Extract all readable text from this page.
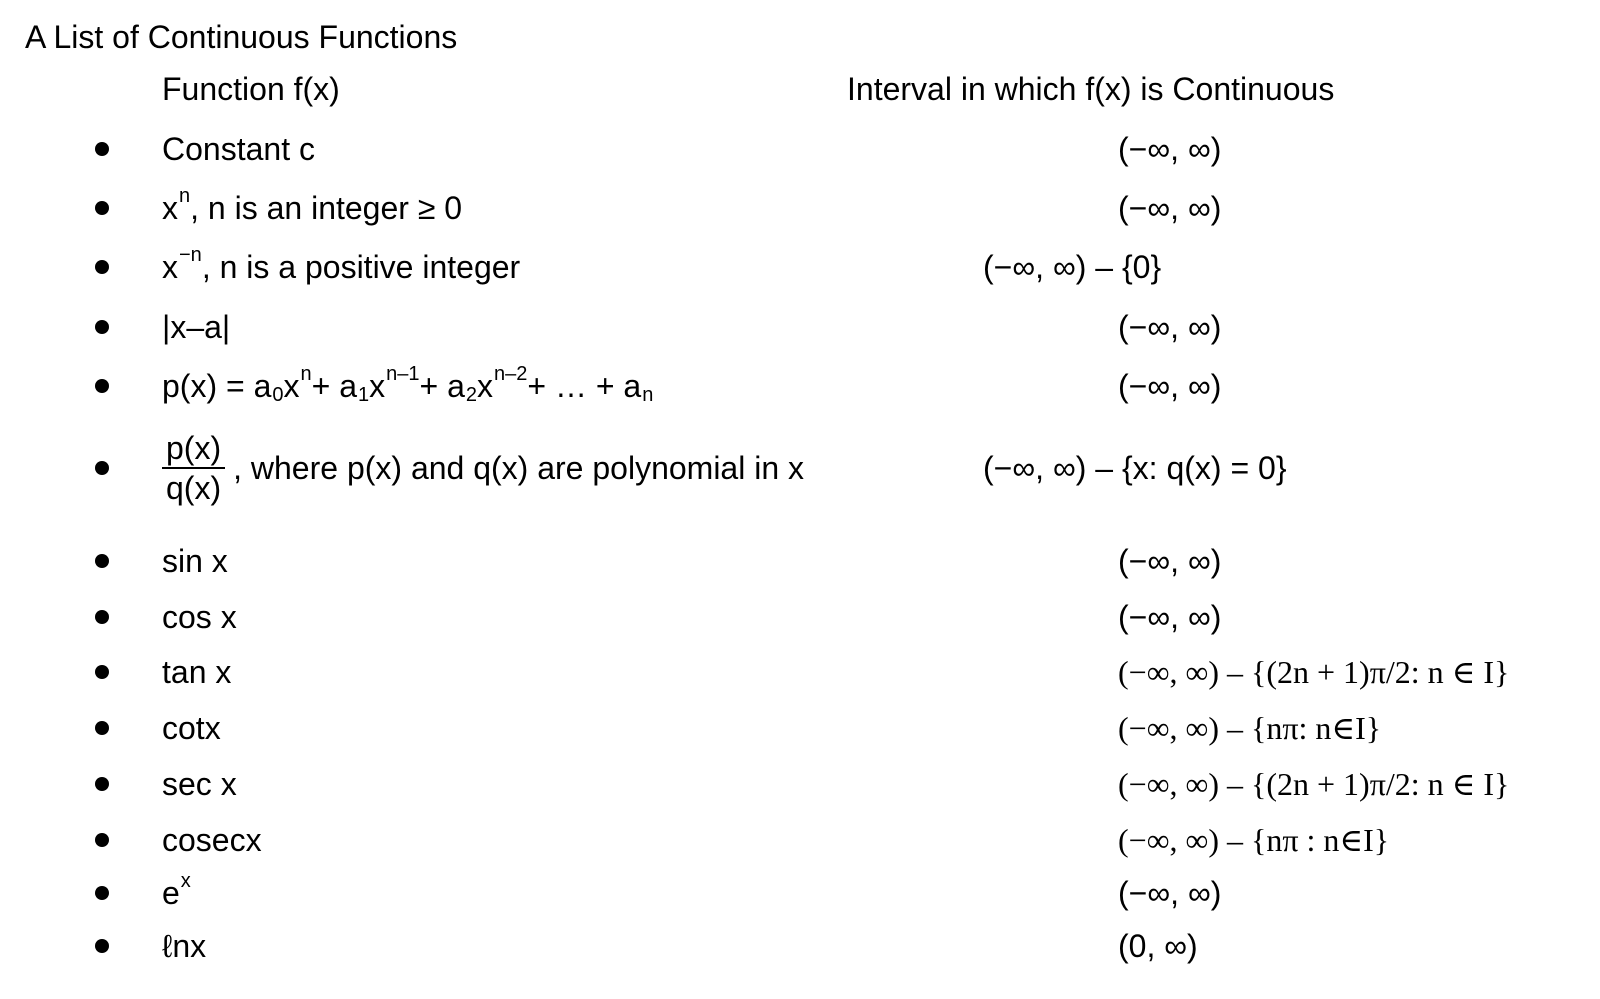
A List of Continuous Functions
Function f(x)	Interval in which f(x) is Continuous
Constant c	(−∞, ∞)
x n , n is an integer ≥ 0	(−∞, ∞)
x −n , n is a positive integer	(−∞, ∞) – {0}
|x–a|	(−∞, ∞)
p(x) = a 0 x n + a 1 x n–1 + a 2 x n–2 + … + a n	(−∞, ∞)
$\frac{p(x)}{q(x)}$ , where p(x) and q(x) are polynomial in x	(−∞, ∞) – {x: q(x) = 0}
sin x	(−∞, ∞)
cos x	(−∞, ∞)
tan x	(−∞, ∞) – {(2n + 1)π/2: n ∈ I}
cotx	(−∞, ∞) – {nπ: n∈I}
sec x	(−∞, ∞) – {(2n + 1)π/2: n ∈ I}
cosecx	(−∞, ∞) – {nπ : n∈I}
e x	(−∞, ∞)
ℓnx	(0, ∞)
